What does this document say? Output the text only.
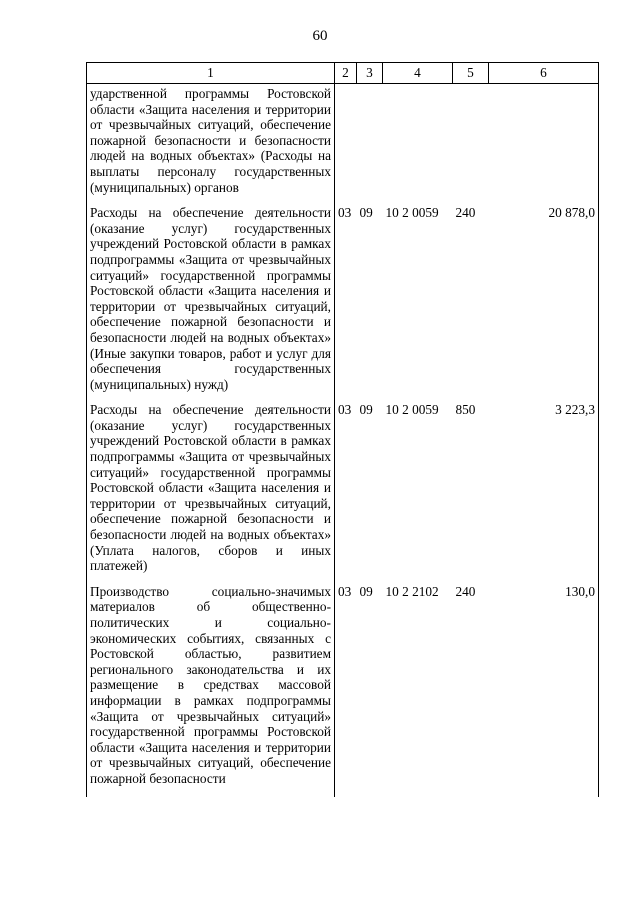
60
1	2	3	4	5	6
ударственной программы Ростовской области «Защита населения и территории от чрезвычайных ситуаций, обеспечение пожарной безопасности и безопасности людей на водных объектах» (Расходы на выплаты персоналу государственных (муниципальных) органов					
Расходы на обеспечение деятельности (оказание услуг) государственных учреждений Ростовской области в рамках подпрограммы «Защита от чрезвычайных ситуаций» государственной программы Ростовской области «Защита населения и территории от чрезвычайных ситуаций, обеспечение пожарной безопасности и безопасности людей на водных объектах» (Иные закупки товаров, работ и услуг для обеспечения государственных (муниципальных) нужд)	03	09	10 2 0059	240	20 878,0
Расходы на обеспечение деятельности (оказание услуг) государственных учреждений Ростовской области в рамках подпрограммы «Защита от чрезвычайных ситуаций» государственной программы Ростовской области «Защита населения и территории от чрезвычайных ситуаций, обеспечение пожарной безопасности и безопасности людей на водных объектах» (Уплата налогов, сборов и иных платежей)	03	09	10 2 0059	850	3 223,3
Производство социально-значимых материалов об общественно-политических и социально-экономических событиях, связанных с Ростовской областью, развитием регионального законодательства и их размещение в средствах массовой информации в рамках подпрограммы «Защита от чрезвычайных ситуаций» государственной программы Ростовской области «Защита населения и территории от чрезвычайных ситуаций, обеспечение пожарной безопасности	03	09	10 2 2102	240	130,0
